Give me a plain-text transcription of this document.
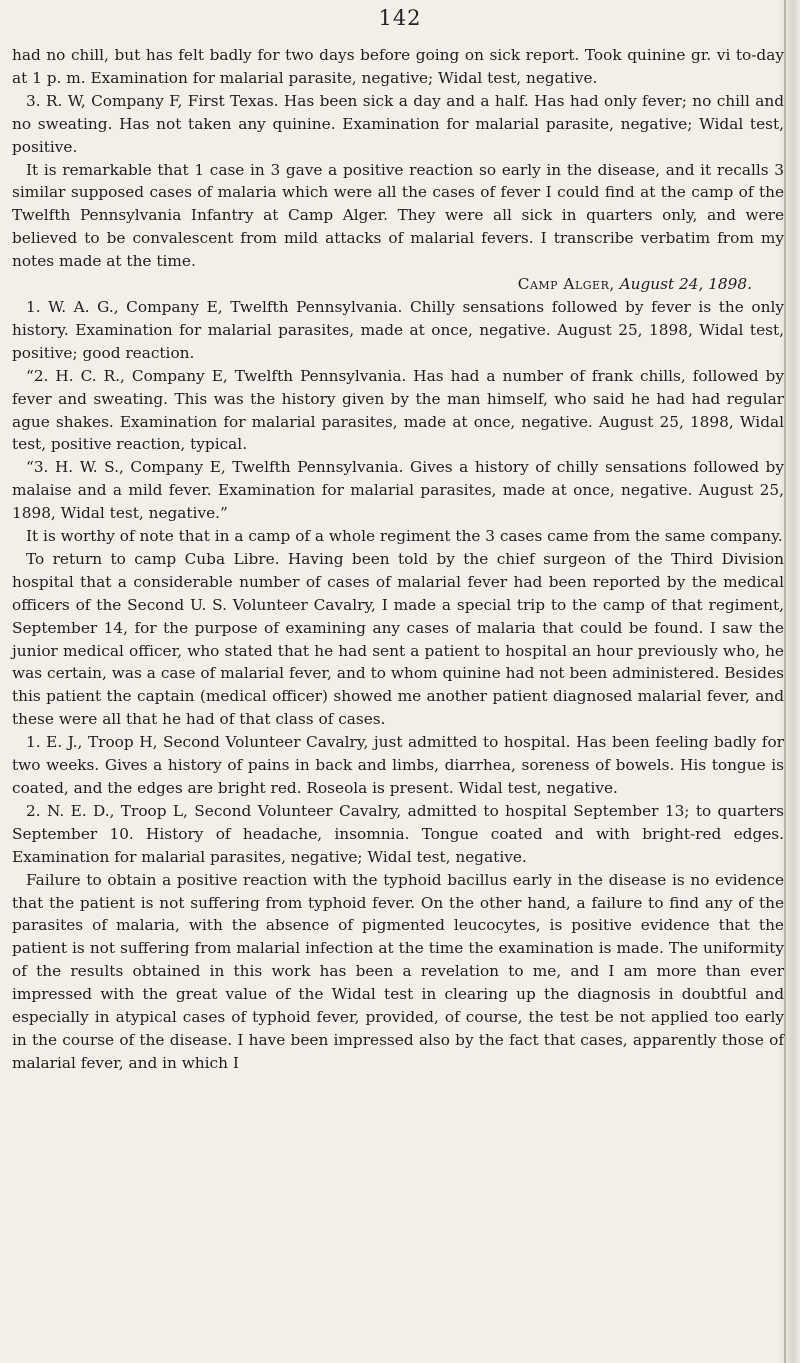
142

had no chill, but has felt badly for two days before going on sick report. Took quinine gr. vi to-day at 1 p. m. Examination for malarial parasite, negative; Widal test, negative.

3. R. W, Company F, First Texas. Has been sick a day and a half. Has had only fever; no chill and no sweating. Has not taken any quinine. Examination for malarial parasite, negative; Widal test, positive.

It is remarkable that 1 case in 3 gave a positive reaction so early in the disease, and it recalls 3 similar supposed cases of malaria which were all the cases of fever I could find at the camp of the Twelfth Pennsylvania Infantry at Camp Alger. They were all sick in quarters only, and were believed to be convalescent from mild attacks of malarial fevers. I transcribe verbatim from my notes made at the time.

Camp Alger, August 24, 1898.

1. W. A. G., Company E, Twelfth Pennsylvania. Chilly sensations followed by fever is the only history. Examination for malarial parasites, made at once, negative. August 25, 1898, Widal test, positive; good reaction.

“2. H. C. R., Company E, Twelfth Pennsylvania. Has had a number of frank chills, followed by fever and sweating. This was the history given by the man himself, who said he had had regular ague shakes. Examination for malarial parasites, made at once, negative. August 25, 1898, Widal test, positive reaction, typical.

“3. H. W. S., Company E, Twelfth Pennsylvania. Gives a history of chilly sensations followed by malaise and a mild fever. Examination for malarial parasites, made at once, negative. August 25, 1898, Widal test, negative.”

It is worthy of note that in a camp of a whole regiment the 3 cases came from the same company.

To return to camp Cuba Libre. Having been told by the chief surgeon of the Third Division hospital that a considerable number of cases of malarial fever had been reported by the medical officers of the Second U. S. Volunteer Cavalry, I made a special trip to the camp of that regiment, September 14, for the purpose of examining any cases of malaria that could be found. I saw the junior medical officer, who stated that he had sent a patient to hospital an hour previously who, he was certain, was a case of malarial fever, and to whom quinine had not been administered. Besides this patient the captain (medical officer) showed me another patient diagnosed malarial fever, and these were all that he had of that class of cases.

1. E. J., Troop H, Second Volunteer Cavalry, just admitted to hospital. Has been feeling badly for two weeks. Gives a history of pains in back and limbs, diarrhea, soreness of bowels. His tongue is coated, and the edges are bright red. Roseola is present. Widal test, negative.

2. N. E. D., Troop L, Second Volunteer Cavalry, admitted to hospital September 13; to quarters September 10. History of headache, insomnia. Tongue coated and with bright-red edges. Examination for malarial parasites, negative; Widal test, negative.

Failure to obtain a positive reaction with the typhoid bacillus early in the disease is no evidence that the patient is not suffering from typhoid fever. On the other hand, a failure to find any of the parasites of malaria, with the absence of pigmented leucocytes, is positive evidence that the patient is not suffering from malarial infection at the time the examination is made. The uniformity of the results obtained in this work has been a revelation to me, and I am more than ever impressed with the great value of the Widal test in clearing up the diagnosis in doubtful and especially in atypical cases of typhoid fever, provided, of course, the test be not applied too early in the course of the disease. I have been impressed also by the fact that cases, apparently those of malarial fever, and in which I
